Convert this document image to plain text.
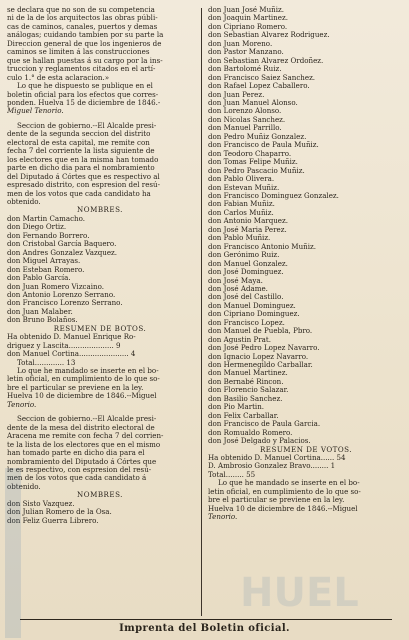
se declara que no son de su competencia
ni de la de los arquitectos las obras públi-
cas de caminos, canales, puertos y demas
análogas; cuidando tambien por su parte la
Direccion general de que los ingenieros de
caminos se limiten á las construcciones
que se hallan puestas á su cargo por la ins-
truccion y reglamentos citados en el artí-
culo 1.° de esta aclaracion.»
Lo que he dispuesto se publique en el
boletin oficial para los efectos que corres-
ponden. Huelva 15 de diciembre de 1846.-
Miguel Tenorio.
Seccion de gobierno.--El Alcalde presi-
dente de la segunda seccion del distrito
electoral de esta capital, me remite con
fecha 7 del corriente la lista siguiente de
los electores que en la misma han tomado
parte en dicho dia para el nombramiento
del Diputado á Córtes que es respectivo al
espresado distrito, con espresion del resú-
men de los votos que cada candidato ha
obtenido.
NOMBRES.
don Martin Camacho.
don Diego Ortiz.
don Fernando Borrero.
don Cristobal García Baquero.
don Andres Gonzalez Vazquez.
don Miguel Arrayas.
don Esteban Romero.
don Pablo García.
don Juan Romero Vizcaino.
don Antonio Lorenzo Serrano.
don Francisco Lorenzo Serrano.
don Juan Malaber.
don Bruno Bolaños.
RESUMEN DE BOTOS.
Ha obtenido D. Manuel Enrique Ro-
driguez y Lascita.................... 9
don Manuel Cortina...................... 4
Total............. 13
Lo que he mandado se inserte en el bo-
letin oficial, en cumplimiento de lo que so-
bre el particular se previene en la ley.
Huelva 10 de diciembre de 1846.--Miguel
Tenorio.
Seccion de gobierno.--El Alcalde presi-
dente de la mesa del distrito electoral de
Aracena me remite con fecha 7 del corrien-
te la lista de los electores que en el mismo
han tomado parte en dicho dia para el
nombramiento del Diputado á Córtes que
le es respectivo, con espresion del resú-
men de los votos que cada candidato á
obtenido.
NOMBRES.
don Sisto Vazquez.
don Julian Romero de la Osa.
don Feliz Guerra Librero.
don Juan José Muñiz.
don Joaquin Martinez.
don Cipriano Romero.
don Sebastian Alvarez Rodriguez.
don Juan Moreno.
don Pastor Manzano.
don Sebastian Alvarez Ordoñez.
don Bartolomé Ruiz.
don Francisco Saiez Sanchez.
don Rafael Lopez Caballero.
don Juan Perez.
don Juan Manuel Alonso.
don Lorenzo Alonso.
don Nicolas Sanchez.
don Manuel Parrillo.
don Pedro Muñiz Gonzalez.
don Francisco de Paula Muñiz.
don Teodoro Chaparro.
don Tomas Felipe Muñiz.
don Pedro Pascacio Muñiz.
don Pablo Olivera.
don Estevan Muñiz.
don Francisco Dominguez Gonzalez.
don Fabian Muñiz.
don Carlos Muñiz.
don Antonio Marquez.
don José Maria Perez.
don Pablo Muñiz.
don Francisco Antonio Muñiz.
don Gerónimo Ruiz.
don Manuel Gonzalez.
don José Dominguez.
don José Maya.
don José Adame.
don José del Castillo.
don Manuel Dominguez.
don Cipriano Dominguez.
don Francisco Lopez.
don Manuel de Puebla, Pbro.
don Agustin Prat.
don José Pedro Lopez Navarro.
don Ignacio Lopez Navarro.
don Hermenegildo Carballar.
don Manuel Martinez.
don Bernabé Rincon.
don Florencio Salazar.
don Basilio Sanchez.
don Pio Martin.
don Felix Carballar.
don Francisco de Paula Garcia.
don Romualdo Romero.
don José Delgado y Palacios.
RESUMEN DE VOTOS.
Ha obtenido D. Manuel Cortina...... 54
D. Ambrosio Gonzalez Bravo........ 1
Total........ 55
Lo que he mandado se inserte en el bo-
letin oficial, en cumplimiento de lo que so-
bre el particular se previene en la ley.
Huelva 10 de diciembre de 1846.--Miguel
Tenorio.
HUEL
Imprenta del Boletin oficial.
